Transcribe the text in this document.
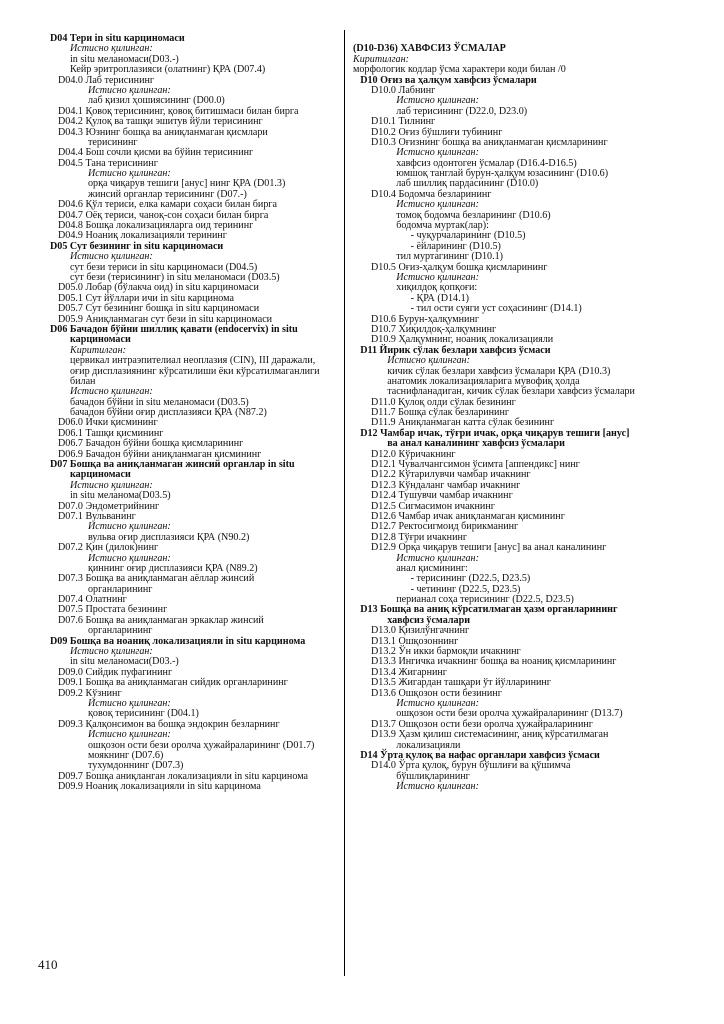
D04 Тери in situ карциномаси
Истисно қилинган:
in situ меланомаси(D03.-)
Кейр эритроплазияси (олатнинг) ҚРА (D07.4)
D04.0 Лаб терисининг
Истисно қилинган:
лаб қизил ҳошиясининг (D00.0)
D04.1 Қовоқ терисининг, қовоқ битишмаси билан бирга
D04.2 Қулоқ ва ташқи эшитув йўли терисининг
D04.3 Юзнинг бошқа ва аниқланмаган қисмлари
терисининг
D04.4 Бош сочли қисми ва бўйин терисининг
D04.5 Тана терисининг
Истисно қилинган:
орқа чиқарув тешиги [анус] нинг ҚРА (D01.3)
жинсий органлар терисининг (D07.-)
D04.6 Қўл териси, елка камари соҳаси билан бирга
D04.7 Оёқ териси, чаноқ-сон соҳаси билан бирга
D04.8 Бошқа локализацияларга оид терининг
D04.9 Ноаниқ локализацияли терининг
D05 Сут безининг in situ карциномаси
Истисно қилинган:
сут бези териси in situ карциномаси (D04.5)
сут бези (терисининг) in situ меланомаси (D03.5)
D05.0 Лобар (бўлакча оид) in situ карциномаси
D05.1 Сут йўллари ичи in situ карцинома
D05.7 Сут безининг бошқа in situ карциномаси
D05.9 Аниқланмаган сут бези in situ карциномаси
D06 Бачадон бўйни шиллиқ қавати (endocervix) in situ
карциномаси
Киритилган:
цервикал интраэпителиал неоплазия (CIN), III даражали,
оғир дисплазиянинг кўрсатилиши ёки кўрсатилмаганлиги
билан
Истисно қилинган:
бачадон бўйни in situ меланомаси (D03.5)
бачадон бўйни оғир дисплазияси ҚРА (N87.2)
D06.0 Ички қисмининг
D06.1 Ташқи қисмининг
D06.7 Бачадон бўйни бошқа қисмларининг
D06.9 Бачадон бўйни аниқланмаган қисмининг
D07 Бошқа ва аниқланмаган жинсий органлар in situ
карциномаси
Истисно қилинган:
in situ меланома(D03.5)
D07.0 Эндометрийнинг
D07.1 Вульванинг
Истисно қилинган:
вульва оғир дисплазияси ҚРА (N90.2)
D07.2 Қин (дилок)нинг
Истисно қилинган:
қиннинг оғир дисплазияси ҚРА (N89.2)
D07.3 Бошқа ва аниқланмаган аёллар жинсий
органларининг
D07.4 Олатнинг
D07.5 Простата безининг
D07.6 Бошқа ва аниқланмаган эркаклар жинсий
органларининг
D09 Бошқа ва ноаниқ локализацияли in situ карцинома
Истисно қилинган:
in situ меланомаси(D03.-)
D09.0 Сийдик пуфагининг
D09.1 Бошқа ва аниқланмаган сийдик органларининг
D09.2 Кўзнинг
Истисно қилинган:
қовоқ терисининг (D04.1)
D09.3 Қалқонсимон ва бошқа эндокрин безларнинг
Истисно қилинган:
ошқозон ости бези оролча ҳужайраларининг (D01.7)
моякнинг (D07.6)
тухумдоннинг (D07.3)
D09.7 Бошқа аниқланган локализацияли in situ карцинома
D09.9 Ноаниқ локализацияли in situ карцинома
(D10-D36) ХАВФСИЗ ЎСМАЛАР
Киритилган:
морфологик кодлар ўсма характери коди билан /0
D10 Оғиз ва ҳалқум хавфсиз ўсмалари
D10.0 Лабнинг
Истисно қилинган:
лаб терисининг (D22.0, D23.0)
D10.1 Тилнинг
D10.2 Оғиз бўшлиғи тубининг
D10.3 Оғизнинг бошқа ва аниқланмаган қисмларининг
Истисно қилинган:
хавфсиз одонтоген ўсмалар (D16.4-D16.5)
юмшоқ танглай бурун-ҳалқум юзасининг (D10.6)
лаб шиллиқ пардасининг (D10.0)
D10.4 Бодомча безларининг
Истисно қилинган:
томоқ бодомча безларининг (D10.6)
бодомча муртак(лар):
- чуқурчаларининг (D10.5)
- ёйларининг (D10.5)
тил муртагининг (D10.1)
D10.5 Оғиз-ҳалқум бошқа қисмларининг
Истисно қилинган:
хиқилдоқ қопқоғи:
- ҚРА (D14.1)
- тил ости суяги уст соҳасининг (D14.1)
D10.6 Бурун-ҳалқумнинг
D10.7 Хиқилдоқ-ҳалқумнинг
D10.9 Ҳалқумнинг, ноаниқ локализацияли
D11 Йирик сўлак безлари хавфсиз ўсмаси
Истисно қилинган:
кичик сўлак безлари хавфсиз ўсмалари ҚРА (D10.3)
анатомик локализацияларига мувофиқ ҳолда
таснифланадиган, кичик сўлак безлари хавфсиз ўсмалари
D11.0 Қулоқ олди сўлак безининг
D11.7 Бошқа сўлак безларининг
D11.9 Аниқланмаган катта сўлак безининг
D12 Чамбар ичак, тўғри ичак, орқа чиқарув тешиги [анус]
ва анал каналининг хавфсиз ўсмалари
D12.0 Кўричакнинг
D12.1 Чувалчангсимон ўсимта [аппендикс] нинг
D12.2 Кўтарилувчи чамбар ичакнинг
D12.3 Кўндаланг чамбар ичакнинг
D12.4 Тушувчи чамбар ичакнинг
D12.5 Сигмасимон ичакнинг
D12.6 Чамбар ичак аниқланмаган қисмининг
D12.7 Ректосигмоид бирикманинг
D12.8 Тўғри ичакнинг
D12.9 Орқа чиқарув тешиги [анус] ва анал каналининг
Истисно қилинган:
анал қисмининг:
- терисининг (D22.5, D23.5)
- четининг (D22.5, D23.5)
перианал соҳа терисининг (D22.5, D23.5)
D13 Бошқа ва аниқ кўрсатилмаган ҳазм органларининг
хавфсиз ўсмалари
D13.0 Қизилўнгачнинг
D13.1 Ошқозоннинг
D13.2 Ўн икки бармоқли ичакнинг
D13.3 Ингичка ичакнинг бошқа ва ноаниқ қисмларининг
D13.4 Жигарнинг
D13.5 Жигардан ташқари ўт йўлларининг
D13.6 Ошқозон ости безининг
Истисно қилинган:
ошқозон ости бези оролча ҳужайраларининг (D13.7)
D13.7 Ошқозон ости бези оролча ҳужайраларининг
D13.9 Ҳазм қилиш системасининг, аниқ кўрсатилмаган
локализацияли
D14 Ўрта қулоқ ва нафас органлари хавфсиз ўсмаси
D14.0 Ўрта қулоқ, бурун бўшлиғи ва қўшимча
бўшлиқларининг
Истисно қилинган:
410
